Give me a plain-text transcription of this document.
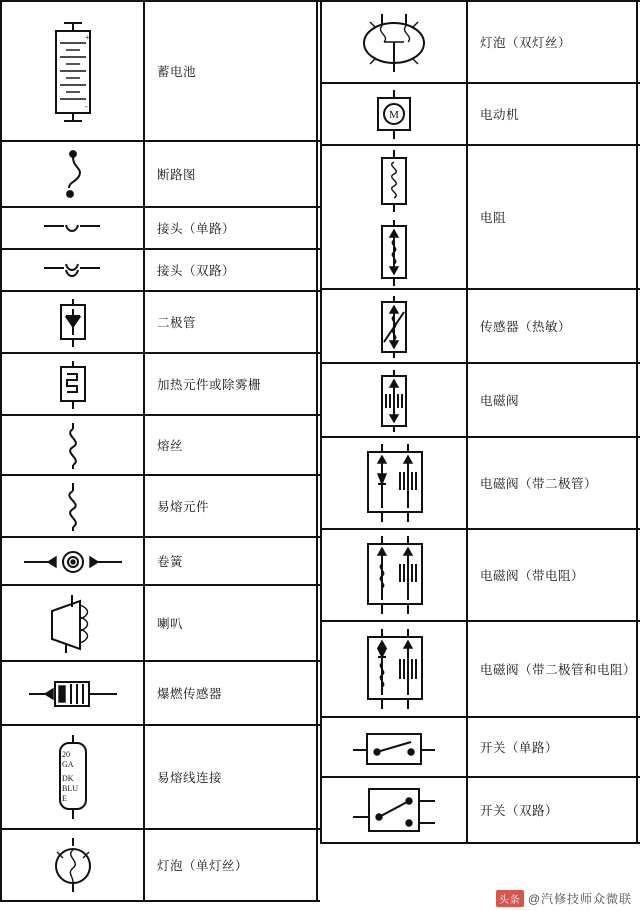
+
-
蓄电池
断路图
接头（单路）
接头（双路）
二极管
加热元件或除雾栅
熔丝
易熔元件
卷簧
喇叭
爆燃传感器
20
GA
DK
BLU
E
易熔线连接
灯泡（单灯丝）
灯泡（双灯丝）
M	电动机
电阻
传感器（热敏）
电磁阀
电磁阀（带二极管）
电磁阀（带电阻）
电磁阀（带二极管和电阻）
开关（单路）
开关（双路）
头条 @汽修技师众微联
